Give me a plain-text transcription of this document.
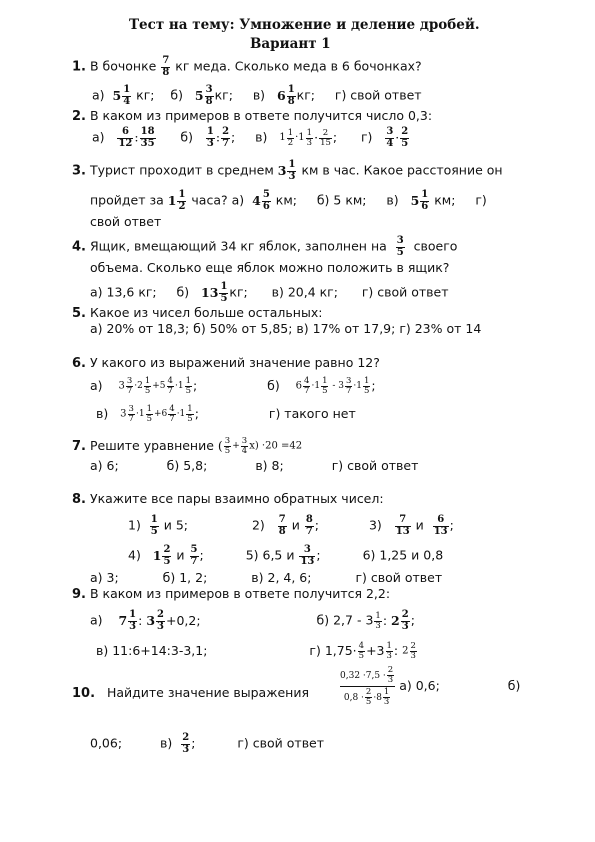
Тест на тему: Умножение и деление дробей.
Вариант 1
1. В бочонке $\frac{7}{8}$ кг меда. Сколько меда в 6 бочонках?
а) $5 \frac{1}{4}$ кг; б) $5 \frac{3}{8}$ кг; в) $6 \frac{1}{8}$ кг; г) свой ответ
2. В каком из примеров в ответе получится число 0,3:
$а) \frac{6}{12}$ : $\frac{18}{35} б) \frac{1}{3}$ : $\frac{2}{7}$ ; в) $1 \frac{1}{2} \cdot 1 \frac{1}{3} \cdot \frac{2}{15}$ ; $г) \frac{3}{4} \cdot \frac{2}{5}$
3. Турист проходит в среднем $3 \frac{1}{3}$ км в час. Какое расстояние он
пройдет за $1 \frac{1}{2}$ часа? а) $4 \frac{5}{6}$ км; б) 5 км; в) $5 \frac{1}{6}$ км; г)
свой ответ
4. Ящик, вмещающий 34 кг яблок, заполнен на $\frac{3}{5}$ своего
объема. Сколько еще яблок можно положить в ящик?
а) 13,6 кг; б) $13 \frac{1}{5}$ кг; в) 20,4 кг; г) свой ответ
5. Какое из чисел больше остальных:
а) 20% от 18,3; б) 50% от 5,85; в) 17% от 17,9; г) 23% от 14
6. У какого из выражений значение равно 12?
а) $3 \frac{3}{7} \cdot 2 \frac{1}{5} +5 \frac{4}{7} \cdot 1 \frac{1}{5}$ ;	б) $6 \frac{4}{7} \cdot 1 \frac{1}{5} - 3 \frac{3}{7} \cdot 1 \frac{1}{5}$ ;
в) $3 \frac{3}{7} \cdot 1 \frac{1}{5} +6 \frac{4}{7} \cdot 1 \frac{1}{5}$ ;	г) такого нет
7. Решите уравнение ( $\frac{3}{5} + \frac{3}{4} x) \cdot 20 =42$
а) 6;	б) 5,8;	в) 8;	г) свой ответ
8. Укажите все пары взаимно обратных чисел:
$1) \frac{1}{5}$ и 5;	$2) \frac{7}{8}$ и $\frac{8}{7}$ ;	$3) \frac{7}{13}$ и $\frac{6}{13}$ ;
4) $1 \frac{2}{5}$ и $\frac{5}{7}$ ;	5) 6,5 и $\frac{3}{13}$ ;	6) 1,25 и 0,8
а) 3;	б) 1, 2;	в) 2, 4, 6;	г) свой ответ
9. В каком из примеров в ответе получится 2,2:
а) $7 \frac{1}{3}$ : $3 \frac{2}{3} +0,2$;	б) $2,7 - 3 \frac{1}{3}$ : $2 \frac{2}{3}$ ;
в) 11:6+14:3-3,1;	г) $1,75\cdot \frac{4}{5} +3 \frac{1}{3}$ : $2 \frac{2}{3}$
10. Найдите значение выражения	$\frac{0,32 \cdot 7,5 \cdot \frac{2}{3}}{0,8 \cdot \frac{2}{5} \cdot 8 \frac{1}{3}} а$) 0,6;	б)
0,06;	$в) \frac{2}{3}$ ;	г) свой ответ
